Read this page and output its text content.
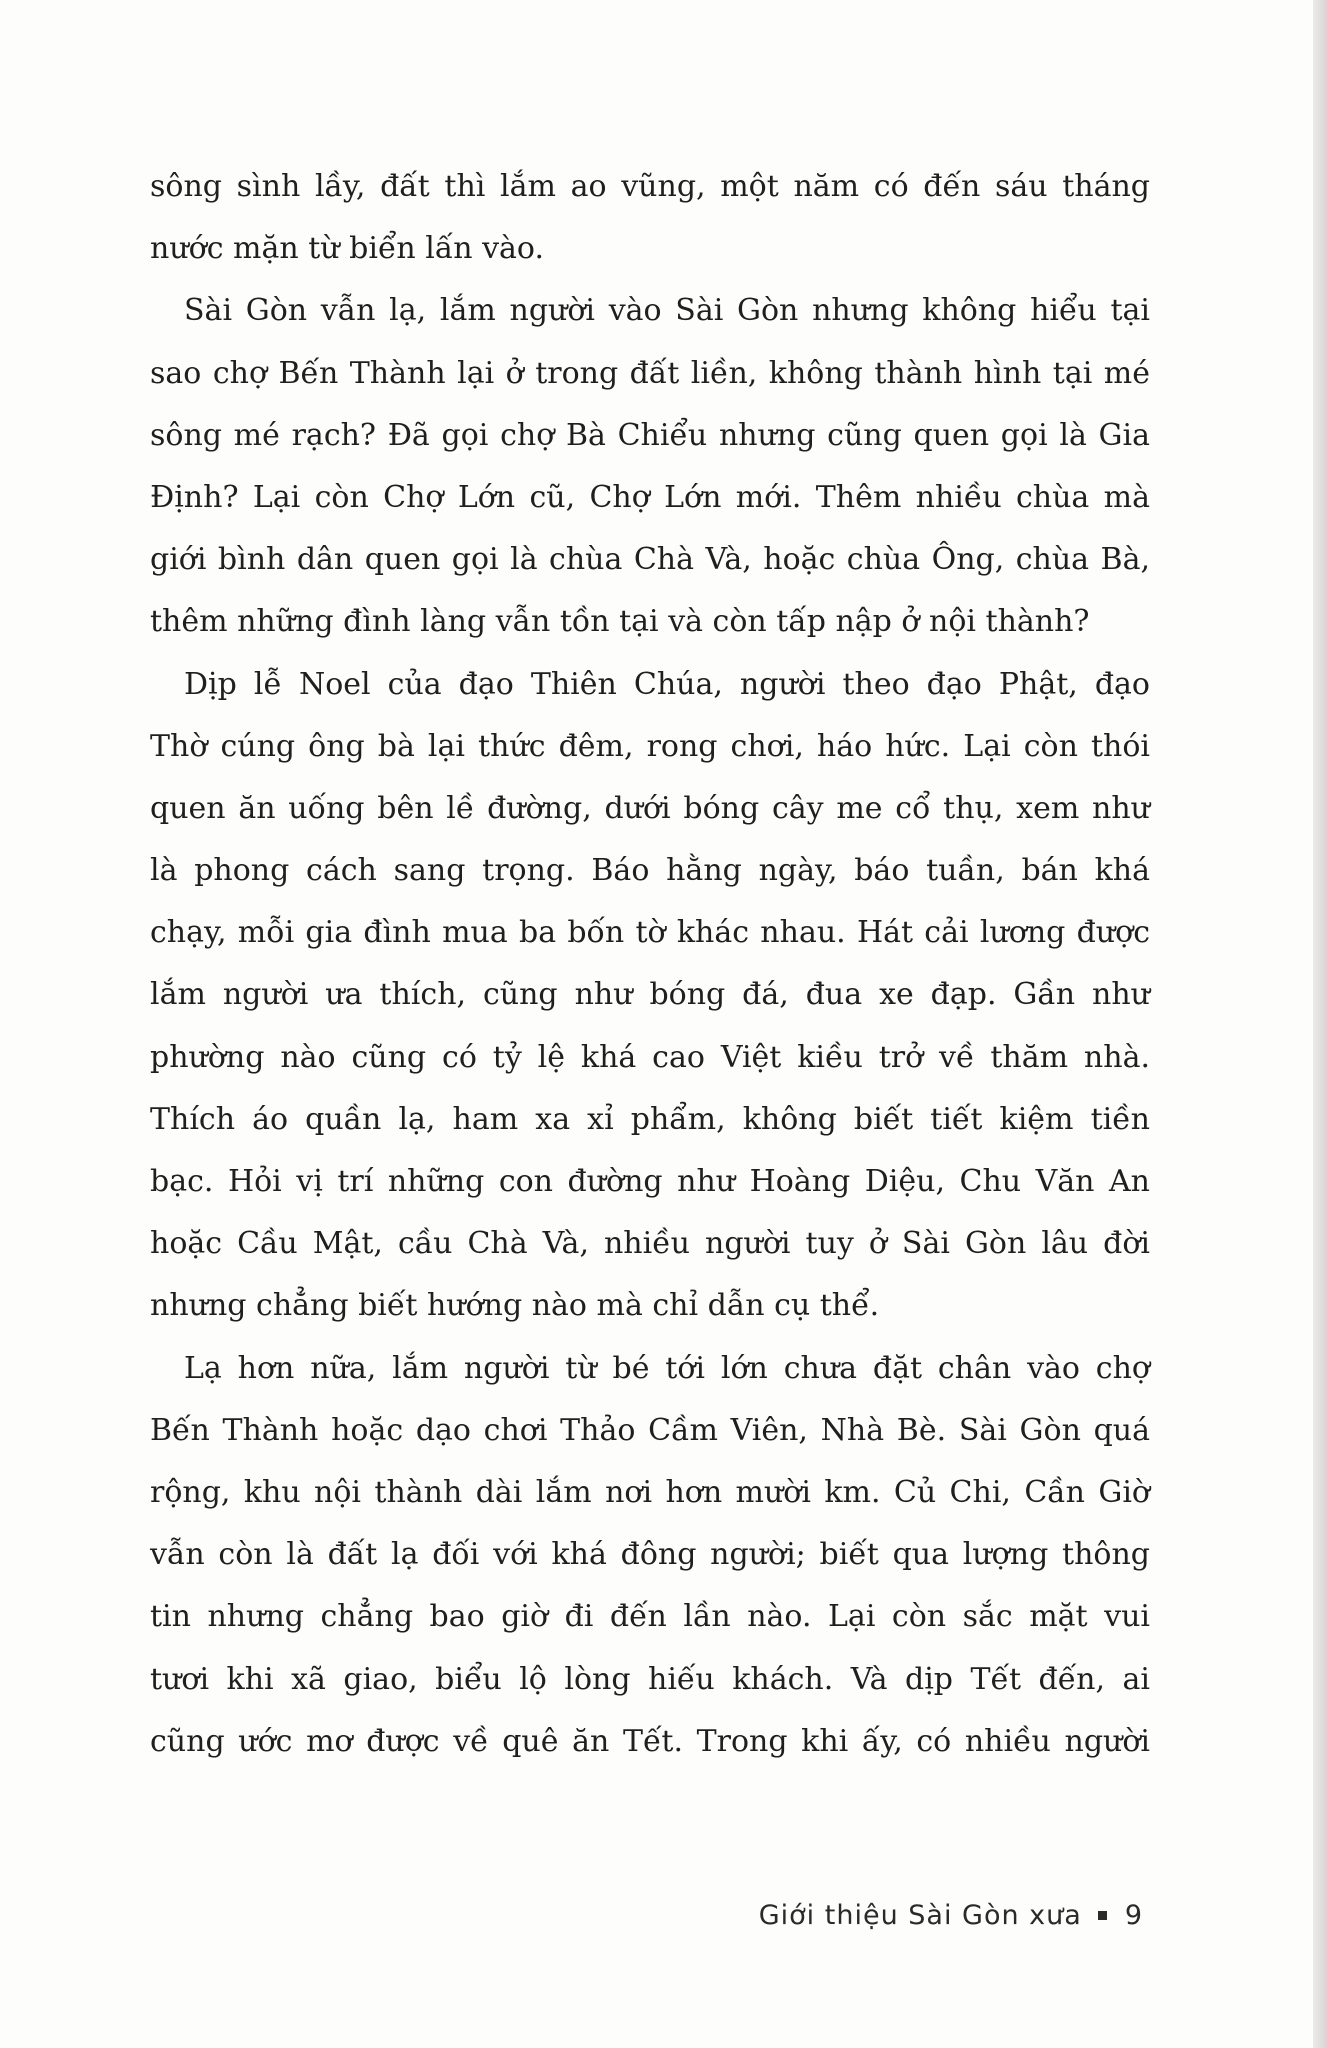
sông sình lầy, đất thì lắm ao vũng, một năm có đến sáu tháng
nước mặn từ biển lấn vào.
Sài Gòn vẫn lạ, lắm người vào Sài Gòn nhưng không hiểu tại
sao chợ Bến Thành lại ở trong đất liền, không thành hình tại mé
sông mé rạch? Đã gọi chợ Bà Chiểu nhưng cũng quen gọi là Gia
Định? Lại còn Chợ Lớn cũ, Chợ Lớn mới. Thêm nhiều chùa mà
giới bình dân quen gọi là chùa Chà Và, hoặc chùa Ông, chùa Bà,
thêm những đình làng vẫn tồn tại và còn tấp nập ở nội thành?
Dịp lễ Noel của đạo Thiên Chúa, người theo đạo Phật, đạo
Thờ cúng ông bà lại thức đêm, rong chơi, háo hức. Lại còn thói
quen ăn uống bên lề đường, dưới bóng cây me cổ thụ, xem như
là phong cách sang trọng. Báo hằng ngày, báo tuần, bán khá
chạy, mỗi gia đình mua ba bốn tờ khác nhau. Hát cải lương được
lắm người ưa thích, cũng như bóng đá, đua xe đạp. Gần như
phường nào cũng có tỷ lệ khá cao Việt kiều trở về thăm nhà.
Thích áo quần lạ, ham xa xỉ phẩm, không biết tiết kiệm tiền
bạc. Hỏi vị trí những con đường như Hoàng Diệu, Chu Văn An
hoặc Cầu Mật, cầu Chà Và, nhiều người tuy ở Sài Gòn lâu đời
nhưng chẳng biết hướng nào mà chỉ dẫn cụ thể.
Lạ hơn nữa, lắm người từ bé tới lớn chưa đặt chân vào chợ
Bến Thành hoặc dạo chơi Thảo Cầm Viên, Nhà Bè. Sài Gòn quá
rộng, khu nội thành dài lắm nơi hơn mười km. Củ Chi, Cần Giờ
vẫn còn là đất lạ đối với khá đông người; biết qua lượng thông
tin nhưng chẳng bao giờ đi đến lần nào. Lại còn sắc mặt vui
tươi khi xã giao, biểu lộ lòng hiếu khách. Và dịp Tết đến, ai
cũng ước mơ được về quê ăn Tết. Trong khi ấy, có nhiều người
Giới thiệu Sài Gòn xưa 9
